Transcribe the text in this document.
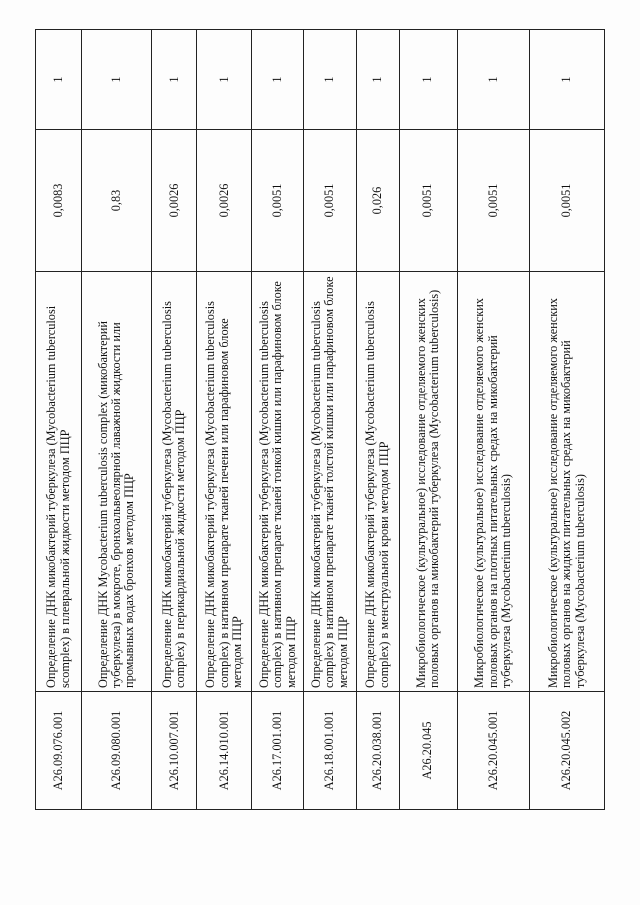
A26.09.076.001	Определение ДНК микобактерий туберкулеза (Mycobacterium tuberculosi scomplex) в плевральной жидкости методом ПЦР	0,0083	1
A26.09.080.001	Определение ДНК Mycobacterium tuberculosis complex (микобактерий туберкулеза) в мокроте, бронхоальвеолярной лаважной жидкости или промывных водах бронхов методом ПЦР	0,83	1
A26.10.007.001	Определение ДНК микобактерий туберкулеза (Mycobacterium tuberculosis complex) в перикардиальной жидкости методом ПЦР	0,0026	1
A26.14.010.001	Определение ДНК микобактерий туберкулеза (Mycobacterium tuberculosis complex) в нативном препарате тканей печени или парафиновом блоке методом ПЦР	0,0026	1
A26.17.001.001	Определение ДНК микобактерий туберкулеза (Mycobacterium tuberculosis complex) в нативном препарате тканей тонкой кишки или парафиновом блоке методом ПЦР	0,0051	1
A26.18.001.001	Определение ДНК микобактерий туберкулеза (Mycobacterium tuberculosis complex) в нативном препарате тканей толстой кишки или парафиновом блоке методом ПЦР	0,0051	1
A26.20.038.001	Определение ДНК микобактерий туберкулеза (Mycobacterium tuberculosis complex) в менструальной крови методом ПЦР	0,026	1
A26.20.045	Микробиологическое (культуральное) исследование отделяемого женских половых органов на микобактерий туберкулеза (Mycobacterium tuberculosis)	0,0051	1
A26.20.045.001	Микробиологическое (культуральное) исследование отделяемого женских половых органов на плотных питательных средах на микобактерий туберкулеза (Mycobacterium tuberculosis)	0,0051	1
A26.20.045.002	Микробиологическое (культуральное) исследование отделяемого женских половых органов на жидких питательных средах на микобактерий туберкулеза (Mycobacterium tuberculosis)	0,0051	1
